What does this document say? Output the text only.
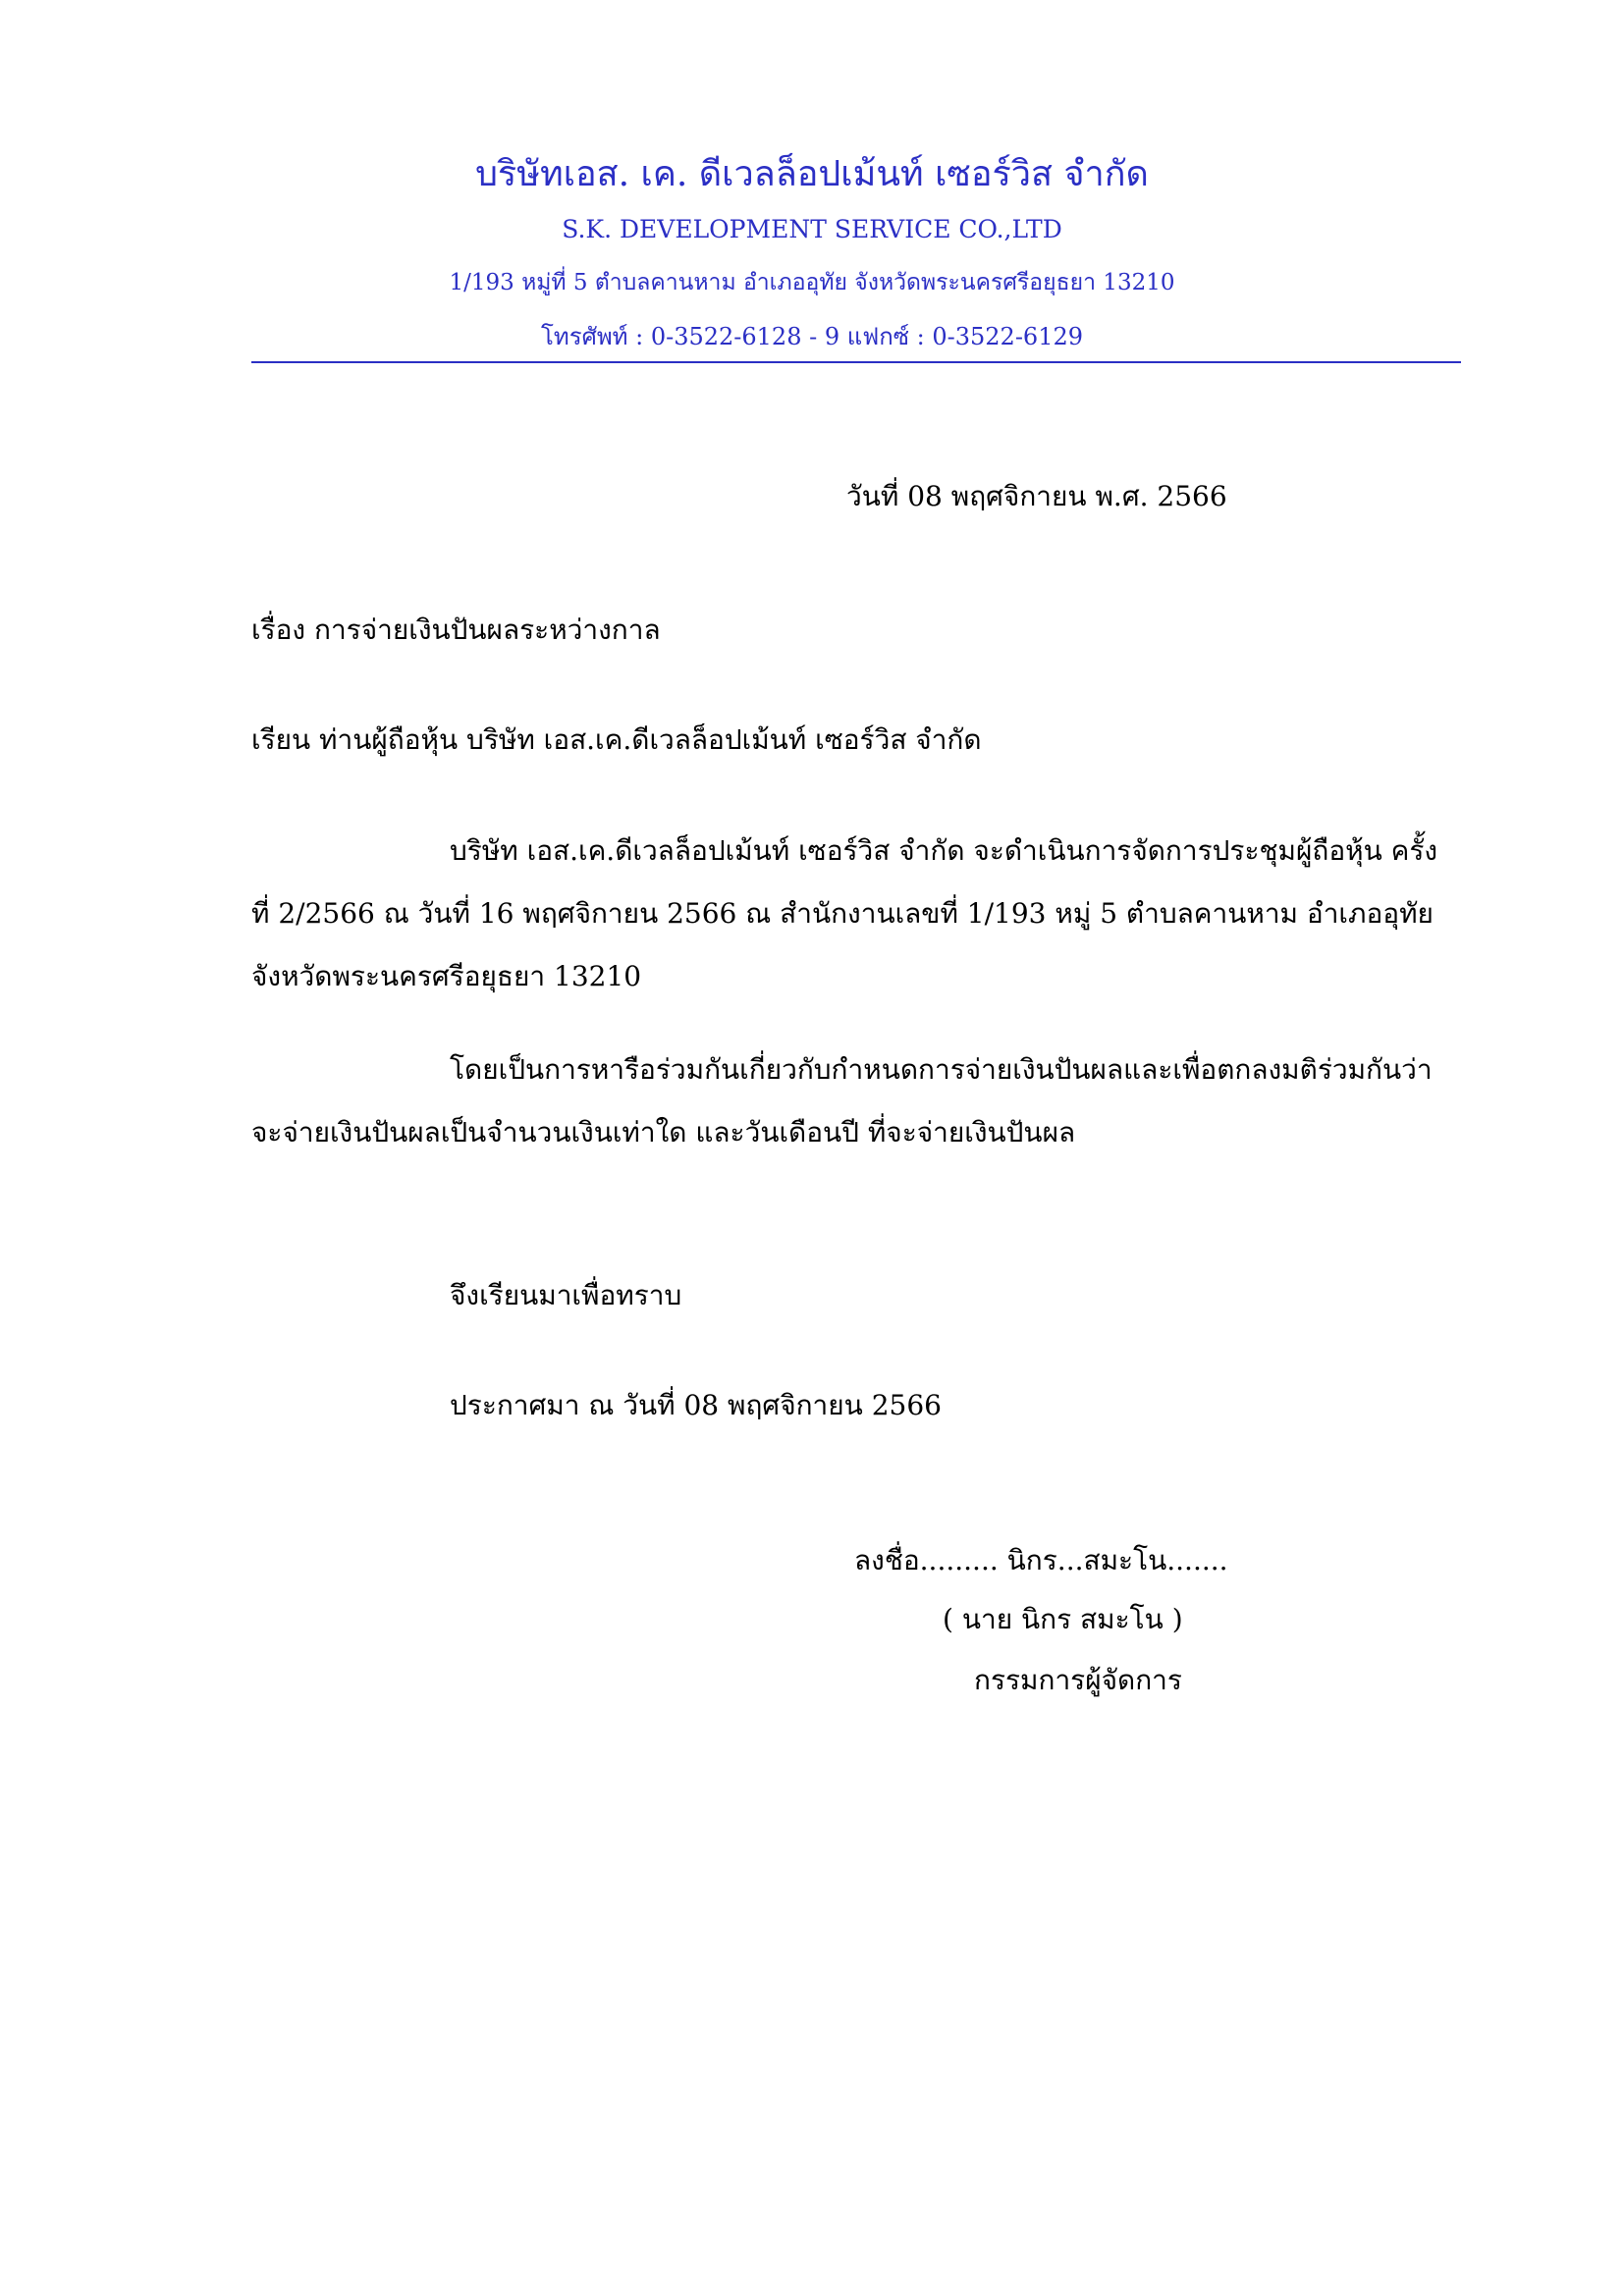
บริษัทเอส. เค. ดีเวลล็อปเม้นท์ เซอร์วิส จำกัด
S.K. DEVELOPMENT SERVICE CO.,LTD
1/193 หมู่ที่ 5 ตำบลคานหาม อำเภออุทัย จังหวัดพระนครศรีอยุธยา 13210
โทรศัพท์ : 0-3522-6128 - 9 แฟกซ์ : 0-3522-6129
วันที่ 08 พฤศจิกายน พ.ศ. 2566
เรื่อง การจ่ายเงินปันผลระหว่างกาล
เรียน ท่านผู้ถือหุ้น บริษัท เอส.เค.ดีเวลล็อปเม้นท์ เซอร์วิส จำกัด
บริษัท เอส.เค.ดีเวลล็อปเม้นท์ เซอร์วิส จำกัด จะดำเนินการจัดการประชุมผู้ถือหุ้น ครั้ง
ที่ 2/2566 ณ วันที่ 16 พฤศจิกายน 2566 ณ สำนักงานเลขที่ 1/193 หมู่ 5 ตำบลคานหาม อำเภออุทัย
จังหวัดพระนครศรีอยุธยา 13210
โดยเป็นการหารือร่วมกันเกี่ยวกับกำหนดการจ่ายเงินปันผลและเพื่อตกลงมติร่วมกันว่า
จะจ่ายเงินปันผลเป็นจำนวนเงินเท่าใด และวันเดือนปี ที่จะจ่ายเงินปันผล
จึงเรียนมาเพื่อทราบ
ประกาศมา ณ วันที่ 08 พฤศจิกายน 2566
ลงชื่อ......... นิกร...สมะโน.......
( นาย นิกร สมะโน )
กรรมการผู้จัดการ
